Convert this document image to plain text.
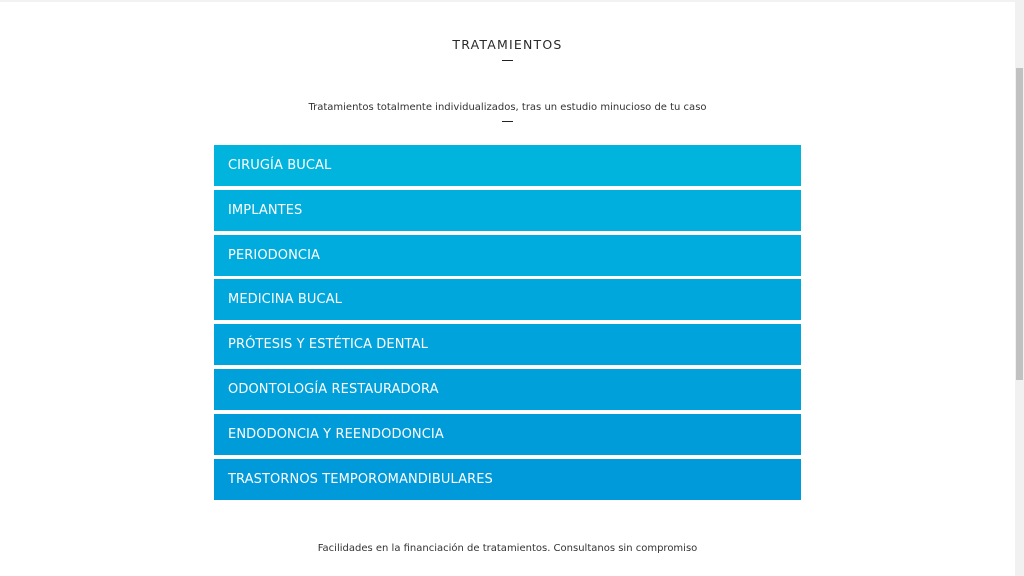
TRATAMIENTOS
Tratamientos totalmente individualizados, tras un estudio minucioso de tu caso
CIRUGÍA BUCAL
IMPLANTES
PERIODONCIA
MEDICINA BUCAL
PRÓTESIS Y ESTÉTICA DENTAL
ODONTOLOGÍA RESTAURADORA
ENDODONCIA Y REENDODONCIA
TRASTORNOS TEMPOROMANDIBULARES
Facilidades en la financiación de tratamientos. Consultanos sin compromiso
